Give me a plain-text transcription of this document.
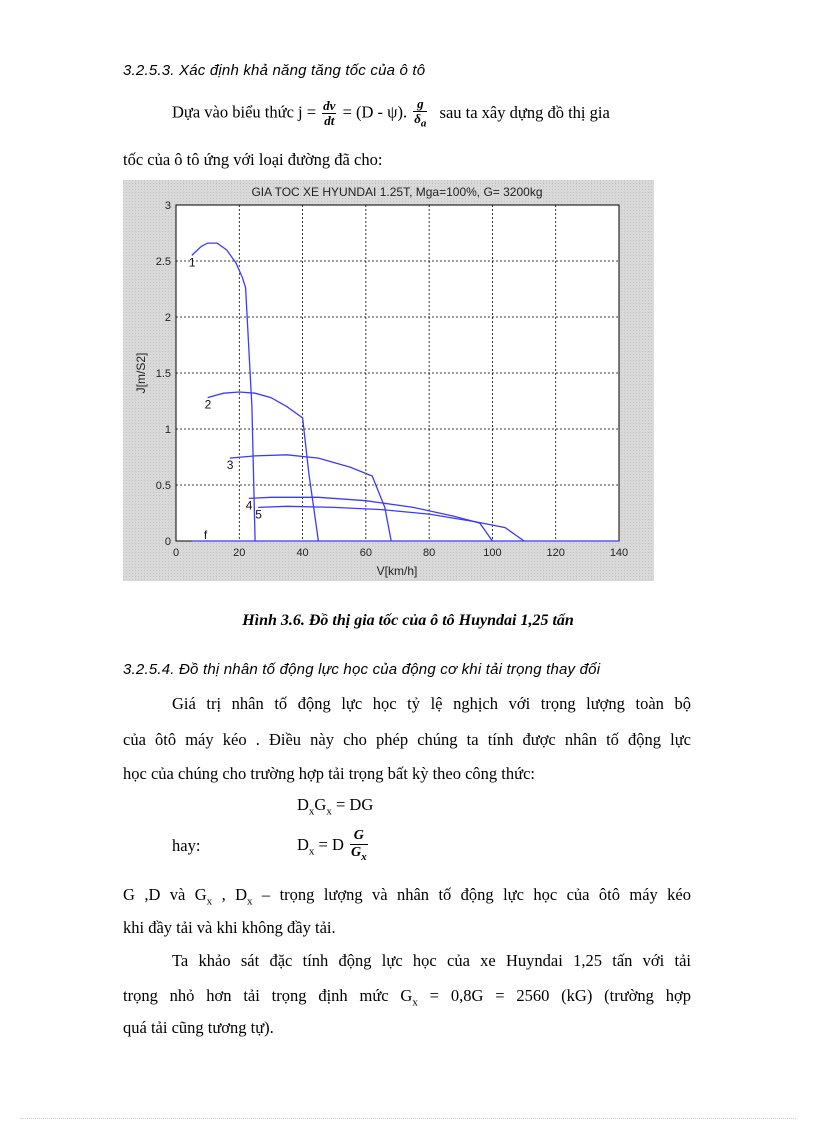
3.2.5.3. Xác định khả năng tăng tốc của ô tô
Dựa vào biểu thức $j = \frac{dv}{dt} = (D - \psi)$. $\frac{g}{\delta_a}$ sau ta xây dựng đồ thị gia
tốc của ô tô ứng với loại đường đã cho:
0	20	40	60	80	100	120	140
0
0.5
1
1.5
2
2.5
3
1
2
3
4
5
f
GIA TOC XE HYUNDAI 1.25T, Mga=100%, G= 3200kg
V[km/h]
J[m/S2]
Hình 3.6. Đồ thị gia tốc của ô tô Huyndai 1,25 tấn
3.2.5.4. Đồ thị nhân tố động lực học của động cơ khi tải trọng thay đổi
Giá trị nhân tố động lực học tỷ lệ nghịch với trọng lượng toàn bộ
của ôtô máy kéo . Điều này cho phép chúng ta tính được nhân tố động lực
học của chúng cho trường hợp tải trọng bất kỳ theo công thức:
$D_xG_x$ = DG
hay:	$D_x = D \frac{G}{G_x}$
G ,D và $G_x$ , $D_x$ – trọng lượng và nhân tố động lực học của ôtô máy kéo
khi đầy tải và khi không đầy tải.
Ta khảo sát đặc tính động lực học của xe Huyndai 1,25 tấn với tải
trọng nhỏ hơn tải trọng định mức $G_x = 0,8G = 2560$ (kG) (trường hợp
quá tải cũng tương tự).
